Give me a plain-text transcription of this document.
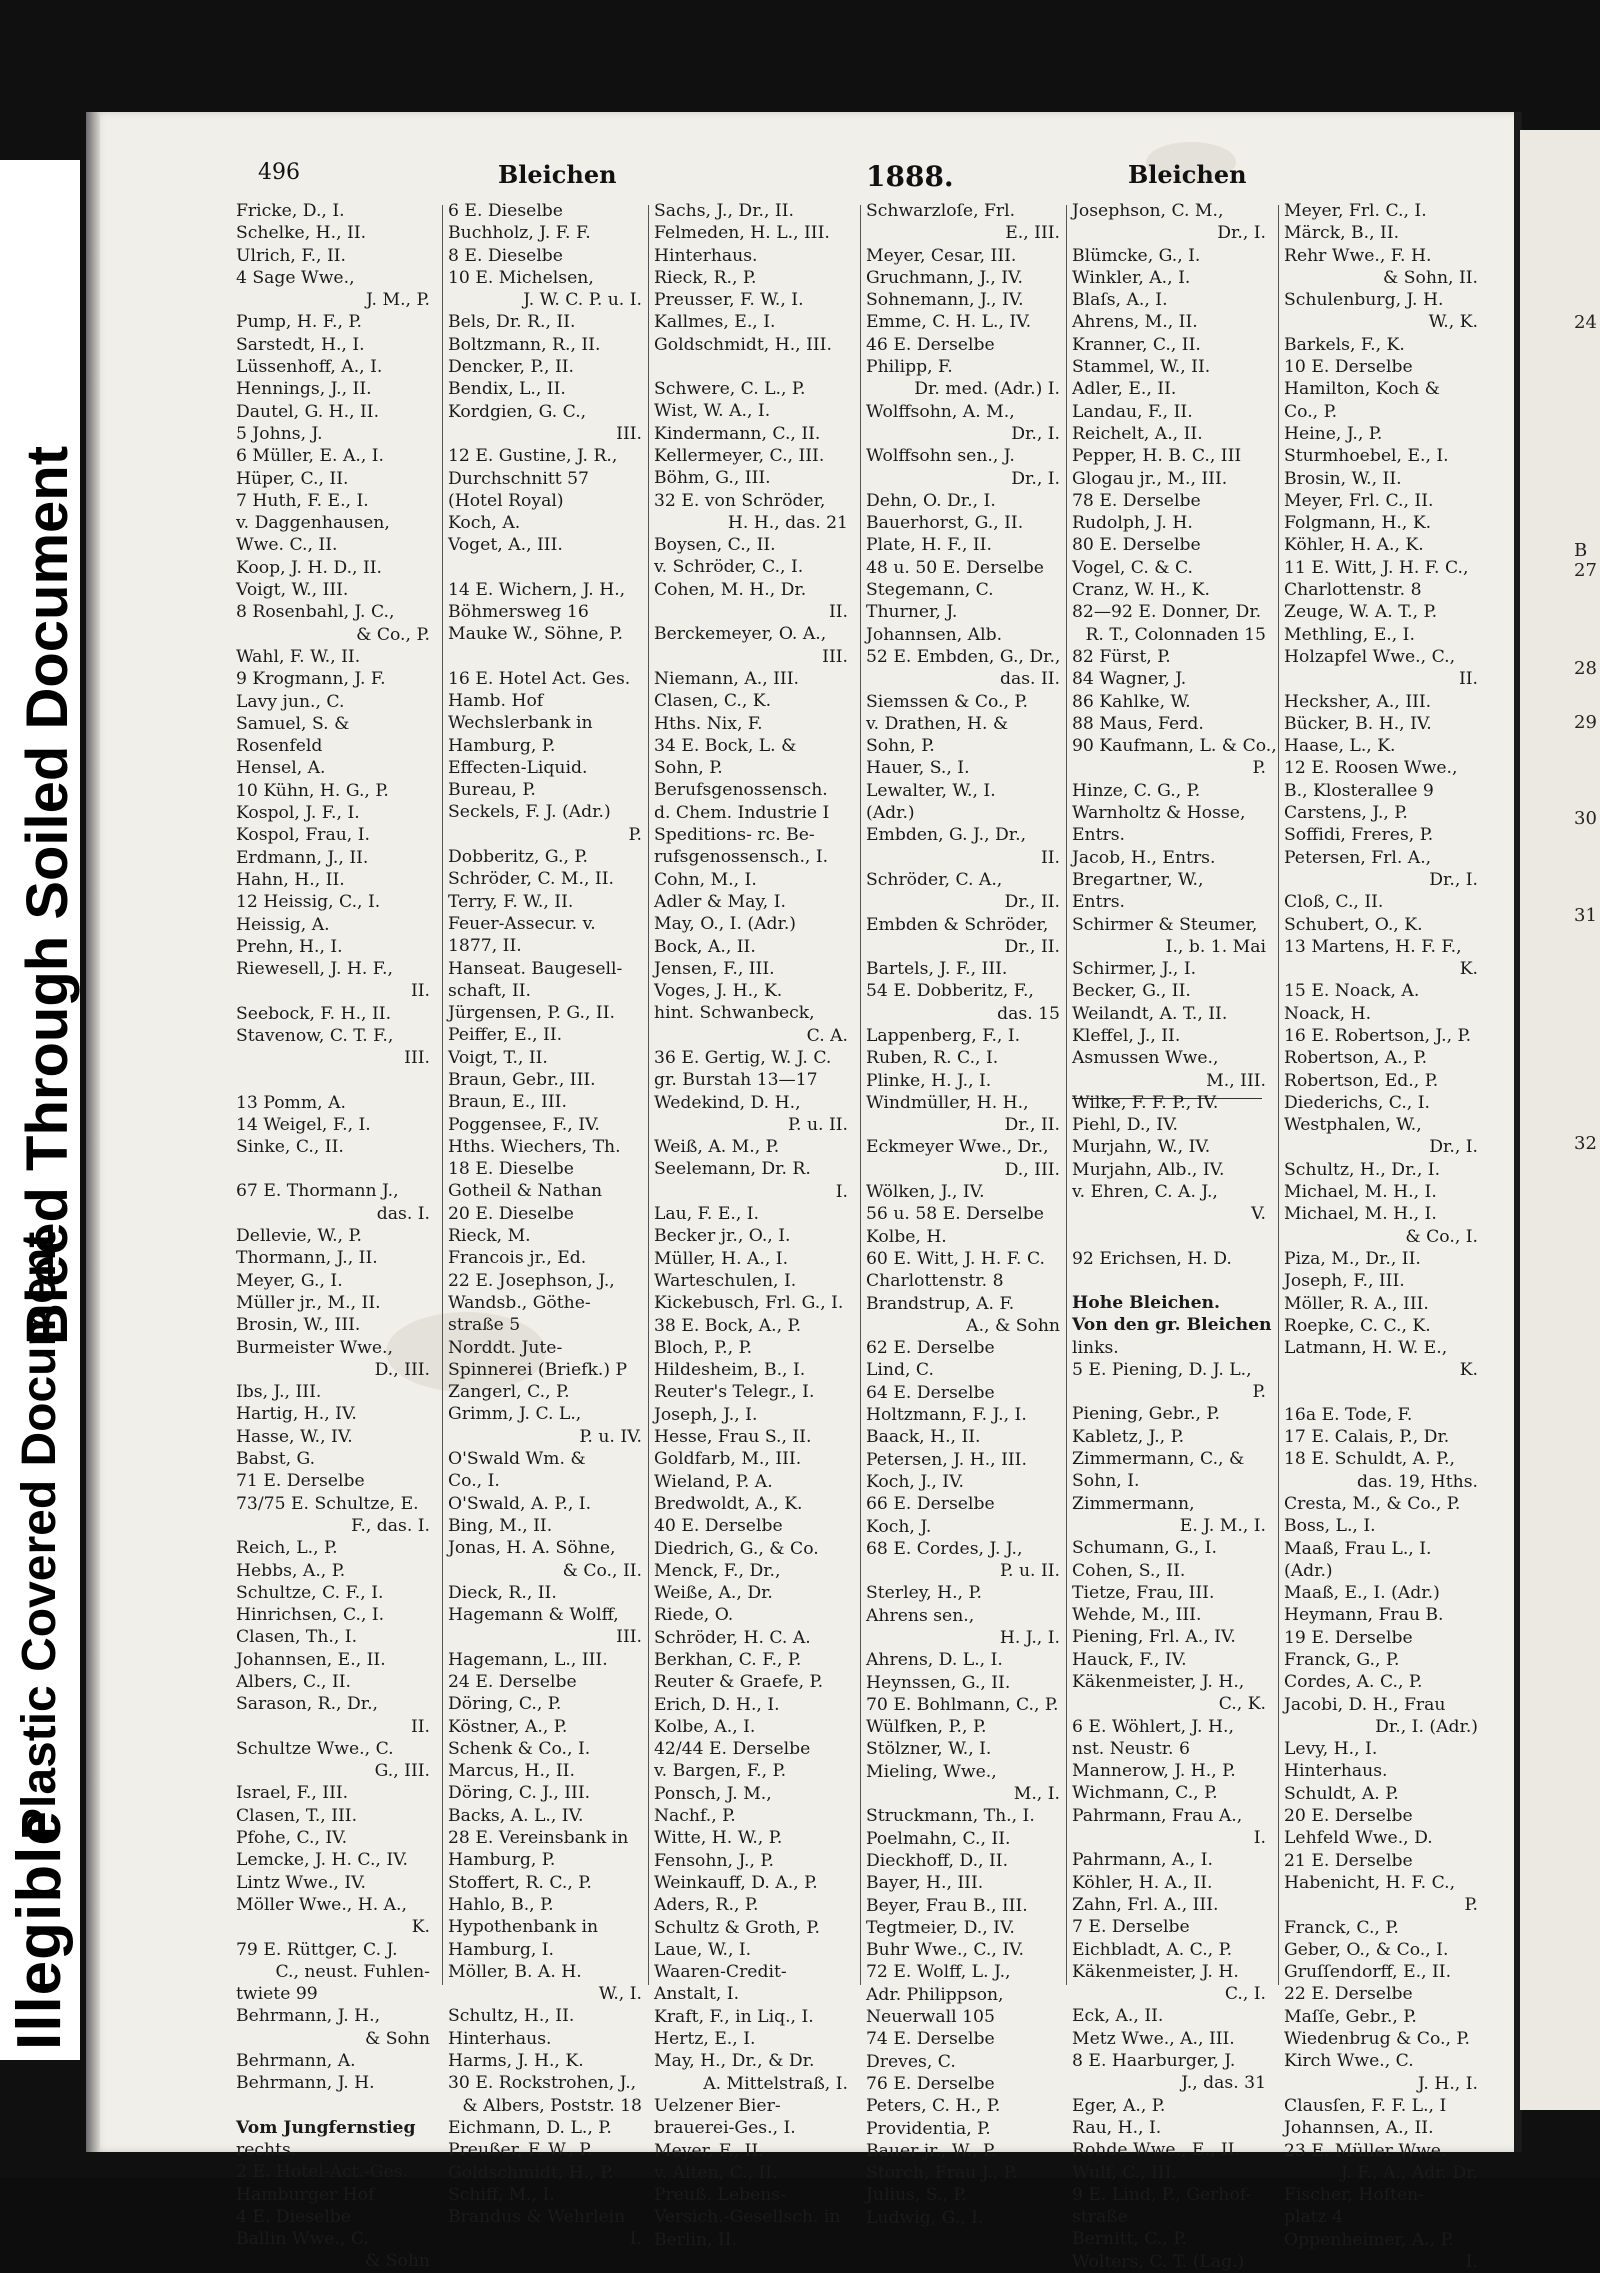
Illegible
Plastic Covered Document
Bleed Through Soiled Document
24
B
27
28
29
30
31
32
496	Bleichen	1888.	Bleichen
Fricke, D., I.
Schelke, H., II.
Ulrich, F., II.
4 Sage Wwe.,
J. M., P.
Pump, H. F., P.
Sarstedt, H., I.
Lüssenhoff, A., I.
Hennings, J., II.
Dautel, G. H., II.
5 Johns, J.
6 Müller, E. A., I.
Hüper, C., II.
7 Huth, F. E., I.
v. Daggenhausen,
Wwe. C., II.
Koop, J. H. D., II.
Voigt, W., III.
8 Rosenbahl, J. C.,
& Co., P.
Wahl, F. W., II.
9 Krogmann, J. F.
Lavy jun., C.
Samuel, S. &
Rosenfeld
Hensel, A.
10 Kühn, H. G., P.
Kospol, J. F., I.
Kospol, Frau, I.
Erdmann, J., II.
Hahn, H., II.
12 Heissig, C., I.
Heissig, A.
Prehn, H., I.
Riewesell, J. H. F.,
II.
Seebock, F. H., II.
Stavenow, C. T. F.,
III.
13 Pomm, A.
14 Weigel, F., I.
Sinke, C., II.
67 E. Thormann J.,
das. I.
Dellevie, W., P.
Thormann, J., II.
Meyer, G., I.
Müller jr., M., II.
Brosin, W., III.
Burmeister Wwe.,
D., III.
Ibs, J., III.
Hartig, H., IV.
Hasse, W., IV.
Babst, G.
71 E. Derselbe
73/75 E. Schultze, E.
F., das. I.
Reich, L., P.
Hebbs, A., P.
Schultze, C. F., I.
Hinrichsen, C., I.
Clasen, Th., I.
Johannsen, E., II.
Albers, C., II.
Sarason, R., Dr.,
II.
Schultze Wwe., C.
G., III.
Israel, F., III.
Clasen, T., III.
Pfohe, C., IV.
Lemcke, J. H. C., IV.
Lintz Wwe., IV.
Möller Wwe., H. A.,
K.
79 E. Rüttger, C. J.
C., neust. Fuhlen-
twiete 99
Behrmann, J. H.,
& Sohn
Behrmann, A.
Behrmann, J. H.
Vom Jungfernstieg
rechts.
2 E. Hotel-Act.-Ges.
Hamburger Hof
4 E. Dieselbe
Ballin Wwe., C.
& Sohn
6 E. Dieselbe
Buchholz, J. F. F.
8 E. Dieselbe
10 E. Michelsen,
J. W. C. P. u. I.
Bels, Dr. R., II.
Boltzmann, R., II.
Dencker, P., II.
Bendix, L., II.
Kordgien, G. C.,
III.
12 E. Gustine, J. R.,
Durchschnitt 57
(Hotel Royal)
Koch, A.
Voget, A., III.
14 E. Wichern, J. H.,
Böhmersweg 16
Mauke W., Söhne, P.
16 E. Hotel Act. Ges.
Hamb. Hof
Wechslerbank in
Hamburg, P.
Effecten-Liquid.
Bureau, P.
Seckels, F. J. (Adr.)
P.
Dobberitz, G., P.
Schröder, C. M., II.
Terry, F. W., II.
Feuer-Assecur. v.
1877, II.
Hanseat. Baugesell-
schaft, II.
Jürgensen, P. G., II.
Peiffer, E., II.
Voigt, T., II.
Braun, Gebr., III.
Braun, E., III.
Poggensee, F., IV.
Hths. Wiechers, Th.
18 E. Dieselbe
Gotheil & Nathan
20 E. Dieselbe
Rieck, M.
Francois jr., Ed.
22 E. Josephson, J.,
Wandsb., Göthe-
straße 5
Norddt. Jute-
Spinnerei (Briefk.) P
Zangerl, C., P.
Grimm, J. C. L.,
P. u. IV.
O'Swald Wm. &
Co., I.
O'Swald, A. P., I.
Bing, M., II.
Jonas, H. A. Söhne,
& Co., II.
Dieck, R., II.
Hagemann & Wolff,
III.
Hagemann, L., III.
24 E. Derselbe
Döring, C., P.
Köstner, A., P.
Schenk & Co., I.
Marcus, H., II.
Döring, C. J., III.
Backs, A. L., IV.
28 E. Vereinsbank in
Hamburg, P.
Stoffert, R. C., P.
Hahlo, B., P.
Hypothenbank in
Hamburg, I.
Möller, B. A. H.
W., I.
Schultz, H., II.
Hinterhaus.
Harms, J. H., K.
30 E. Rockstrohen, J.,
& Albers, Poststr. 18
Eichmann, D. L., P.
Preußer, F. W., P.
Goldschmidt, H., P.
Schiff, M., I.
Brandus & Wehrlein
I.
Sachs, J., Dr., II.
Felmeden, H. L., III.
Hinterhaus.
Rieck, R., P.
Preusser, F. W., I.
Kallmes, E., I.
Goldschmidt, H., III.
Schwere, C. L., P.
Wist, W. A., I.
Kindermann, C., II.
Kellermeyer, C., III.
Böhm, G., III.
32 E. von Schröder,
H. H., das. 21
Boysen, C., II.
v. Schröder, C., I.
Cohen, M. H., Dr.
II.
Berckemeyer, O. A.,
III.
Niemann, A., III.
Clasen, C., K.
Hths. Nix, F.
34 E. Bock, L. &
Sohn, P.
Berufsgenossensch.
d. Chem. Industrie I
Speditions- rc. Be-
rufsgenossensch., I.
Cohn, M., I.
Adler & May, I.
May, O., I. (Adr.)
Bock, A., II.
Jensen, F., III.
Voges, J. H., K.
hint. Schwanbeck,
C. A.
36 E. Gertig, W. J. C.
gr. Burstah 13—17
Wedekind, D. H.,
P. u. II.
Weiß, A. M., P.
Seelemann, Dr. R.
I.
Lau, F. E., I.
Becker jr., O., I.
Müller, H. A., I.
Warteschulen, I.
Kickebusch, Frl. G., I.
38 E. Bock, A., P.
Bloch, P., P.
Hildesheim, B., I.
Reuter's Telegr., I.
Joseph, J., I.
Hesse, Frau S., II.
Goldfarb, M., III.
Wieland, P. A.
Bredwoldt, A., K.
40 E. Derselbe
Diedrich, G., & Co.
Menck, F., Dr.,
Weiße, A., Dr.
Riede, O.
Schröder, H. C. A.
Berkhan, C. F., P.
Reuter & Graefe, P.
Erich, D. H., I.
Kolbe, A., I.
42/44 E. Derselbe
v. Bargen, F., P.
Ponsch, J. M.,
Nachf., P.
Witte, H. W., P.
Fensohn, J., P.
Weinkauff, D. A., P.
Aders, R., P.
Schultz & Groth, P.
Laue, W., I.
Waaren-Credit-
Anstalt, I.
Kraft, F., in Liq., I.
Hertz, E., I.
May, H., Dr., & Dr.
A. Mittelstraß, I.
Uelzener Bier-
brauerei-Ges., I.
Meyer, F., II.
v. Alten, C., II.
Preuß. Lebens-
Versich.-Gesellsch. in
Berlin, II.
Schwarzloſe, Frl.
E., III.
Meyer, Cesar, III.
Gruchmann, J., IV.
Sohnemann, J., IV.
Emme, C. H. L., IV.
46 E. Derselbe
Philipp, F.
Dr. med. (Adr.) I.
Wolffsohn, A. M.,
Dr., I.
Wolffsohn sen., J.
Dr., I.
Dehn, O. Dr., I.
Bauerhorst, G., II.
Plate, H. F., II.
48 u. 50 E. Derselbe
Stegemann, C.
Thurner, J.
Johannsen, Alb.
52 E. Embden, G., Dr.,
das. II.
Siemssen & Co., P.
v. Drathen, H. &
Sohn, P.
Hauer, S., I.
Lewalter, W., I.
(Adr.)
Embden, G. J., Dr.,
II.
Schröder, C. A.,
Dr., II.
Embden & Schröder,
Dr., II.
Bartels, J. F., III.
54 E. Dobberitz, F.,
das. 15
Lappenberg, F., I.
Ruben, R. C., I.
Plinke, H. J., I.
Windmüller, H. H.,
Dr., II.
Eckmeyer Wwe., Dr.,
D., III.
Wölken, J., IV.
56 u. 58 E. Derselbe
Kolbe, H.
60 E. Witt, J. H. F. C.
Charlottenstr. 8
Brandstrup, A. F.
A., & Sohn
62 E. Derselbe
Lind, C.
64 E. Derselbe
Holtzmann, F. J., I.
Baack, H., II.
Petersen, J. H., III.
Koch, J., IV.
66 E. Derselbe
Koch, J.
68 E. Cordes, J. J.,
P. u. II.
Sterley, H., P.
Ahrens sen.,
H. J., I.
Ahrens, D. L., I.
Heynssen, G., II.
70 E. Bohlmann, C., P.
Wülfken, P., P.
Stölzner, W., I.
Mieling, Wwe.,
M., I.
Struckmann, Th., I.
Poelmahn, C., II.
Dieckhoff, D., II.
Bayer, H., III.
Beyer, Frau B., III.
Tegtmeier, D., IV.
Buhr Wwe., C., IV.
72 E. Wolff, L. J.,
Adr. Philippson,
Neuerwall 105
74 E. Derselbe
Dreves, C.
76 E. Derselbe
Peters, C. H., P.
Providentia, P.
Bauer jr., W., P.
Storch, Frau J., P.
Julius, S., P.
Ludwig, G., I.
Josephson, C. M.,
Dr., I.
Blümcke, G., I.
Winkler, A., I.
Blaſs, A., I.
Ahrens, M., II.
Kranner, C., II.
Stammel, W., II.
Adler, E., II.
Landau, F., II.
Reichelt, A., II.
Pepper, H. B. C., III
Glogau jr., M., III.
78 E. Derselbe
Rudolph, J. H.
80 E. Derselbe
Vogel, C. & C.
Cranz, W. H., K.
82—92 E. Donner, Dr.
R. T., Colonnaden 15
82 Fürst, P.
84 Wagner, J.
86 Kahlke, W.
88 Maus, Ferd.
90 Kaufmann, L. & Co.,
P.
Hinze, C. G., P.
Warnholtz & Hosse,
Entrs.
Jacob, H., Entrs.
Bregartner, W.,
Entrs.
Schirmer & Steumer,
I., b. 1. Mai
Schirmer, J., I.
Becker, G., II.
Weilandt, A. T., II.
Kleffel, J., II.
Asmussen Wwe.,
M., III.
Wilke, F. F. P., IV.
Piehl, D., IV.
Murjahn, W., IV.
Murjahn, Alb., IV.
v. Ehren, C. A. J.,
V.
92 Erichsen, H. D.
Hohe Bleichen.
Von den gr. Bleichen
links.
5 E. Piening, D. J. L.,
P.
Piening, Gebr., P.
Kabletz, J., P.
Zimmermann, C., &
Sohn, I.
Zimmermann,
E. J. M., I.
Schumann, G., I.
Cohen, S., II.
Tietze, Frau, III.
Wehde, M., III.
Piening, Frl. A., IV.
Hauck, F., IV.
Käkenmeister, J. H.,
C., K.
6 E. Wöhlert, J. H.,
nst. Neustr. 6
Mannerow, J. H., P.
Wichmann, C., P.
Pahrmann, Frau A.,
I.
Pahrmann, A., I.
Köhler, H. A., II.
Zahn, Frl. A., III.
7 E. Derselbe
Eichbladt, A. C., P.
Käkenmeister, J. H.
C., I.
Eck, A., II.
Metz Wwe., A., III.
8 E. Haarburger, J.
J., das. 31
Eger, A., P.
Rau, H., I.
Rohde Wwe., E., II.
Wulf, C., III.
9 E. Lind, P., Gerhof-
straße
Bernitt, C., P.
Wolters, C. T. (Lag.)
Meyer, Frl. C., I.
Märck, B., II.
Rehr Wwe., F. H.
& Sohn, II.
Schulenburg, J. H.
W., K.
Barkels, F., K.
10 E. Derselbe
Hamilton, Koch &
Co., P.
Heine, J., P.
Sturmhoebel, E., I.
Brosin, W., II.
Meyer, Frl. C., II.
Folgmann, H., K.
Köhler, H. A., K.
11 E. Witt, J. H. F. C.,
Charlottenstr. 8
Zeuge, W. A. T., P.
Methling, E., I.
Holzapfel Wwe., C.,
II.
Hecksher, A., III.
Bücker, B. H., IV.
Haase, L., K.
12 E. Roosen Wwe.,
B., Klosterallee 9
Carstens, J., P.
Soffidi, Freres, P.
Petersen, Frl. A.,
Dr., I.
Cloß, C., II.
Schubert, O., K.
13 Martens, H. F. F.,
K.
15 E. Noack, A.
Noack, H.
16 E. Robertson, J., P.
Robertson, A., P.
Robertson, Ed., P.
Diederichs, C., I.
Westphalen, W.,
Dr., I.
Schultz, H., Dr., I.
Michael, M. H., I.
Michael, M. H., I.
& Co., I.
Piza, M., Dr., II.
Joseph, F., III.
Möller, R. A., III.
Roepke, C. C., K.
Latmann, H. W. E.,
K.
16a E. Tode, F.
17 E. Calais, P., Dr.
18 E. Schuldt, A. P.,
das. 19, Hths.
Cresta, M., & Co., P.
Boss, L., I.
Maaß, Frau L., I.
(Adr.)
Maaß, E., I. (Adr.)
Heymann, Frau B.
19 E. Derselbe
Franck, G., P.
Cordes, A. C., P.
Jacobi, D. H., Frau
Dr., I. (Adr.)
Levy, H., I.
Hinterhaus.
Schuldt, A. P.
20 E. Derselbe
Lehfeld Wwe., D.
21 E. Derselbe
Habenicht, H. F. C.,
P.
Franck, C., P.
Geber, O., & Co., I.
Gruſſendorff, E., II.
22 E. Derselbe
Maſſe, Gebr., P.
Wiedenbrug & Co., P.
Kirch Wwe., C.
J. H., I.
Clausſen, F. F. L., I
Johannsen, A., II.
23 E. Müller Wwe.
J. F., A., Adr. Dr.
Fischer, Hoſten-
platz 4
Oppenheimer, A., P.
I.
